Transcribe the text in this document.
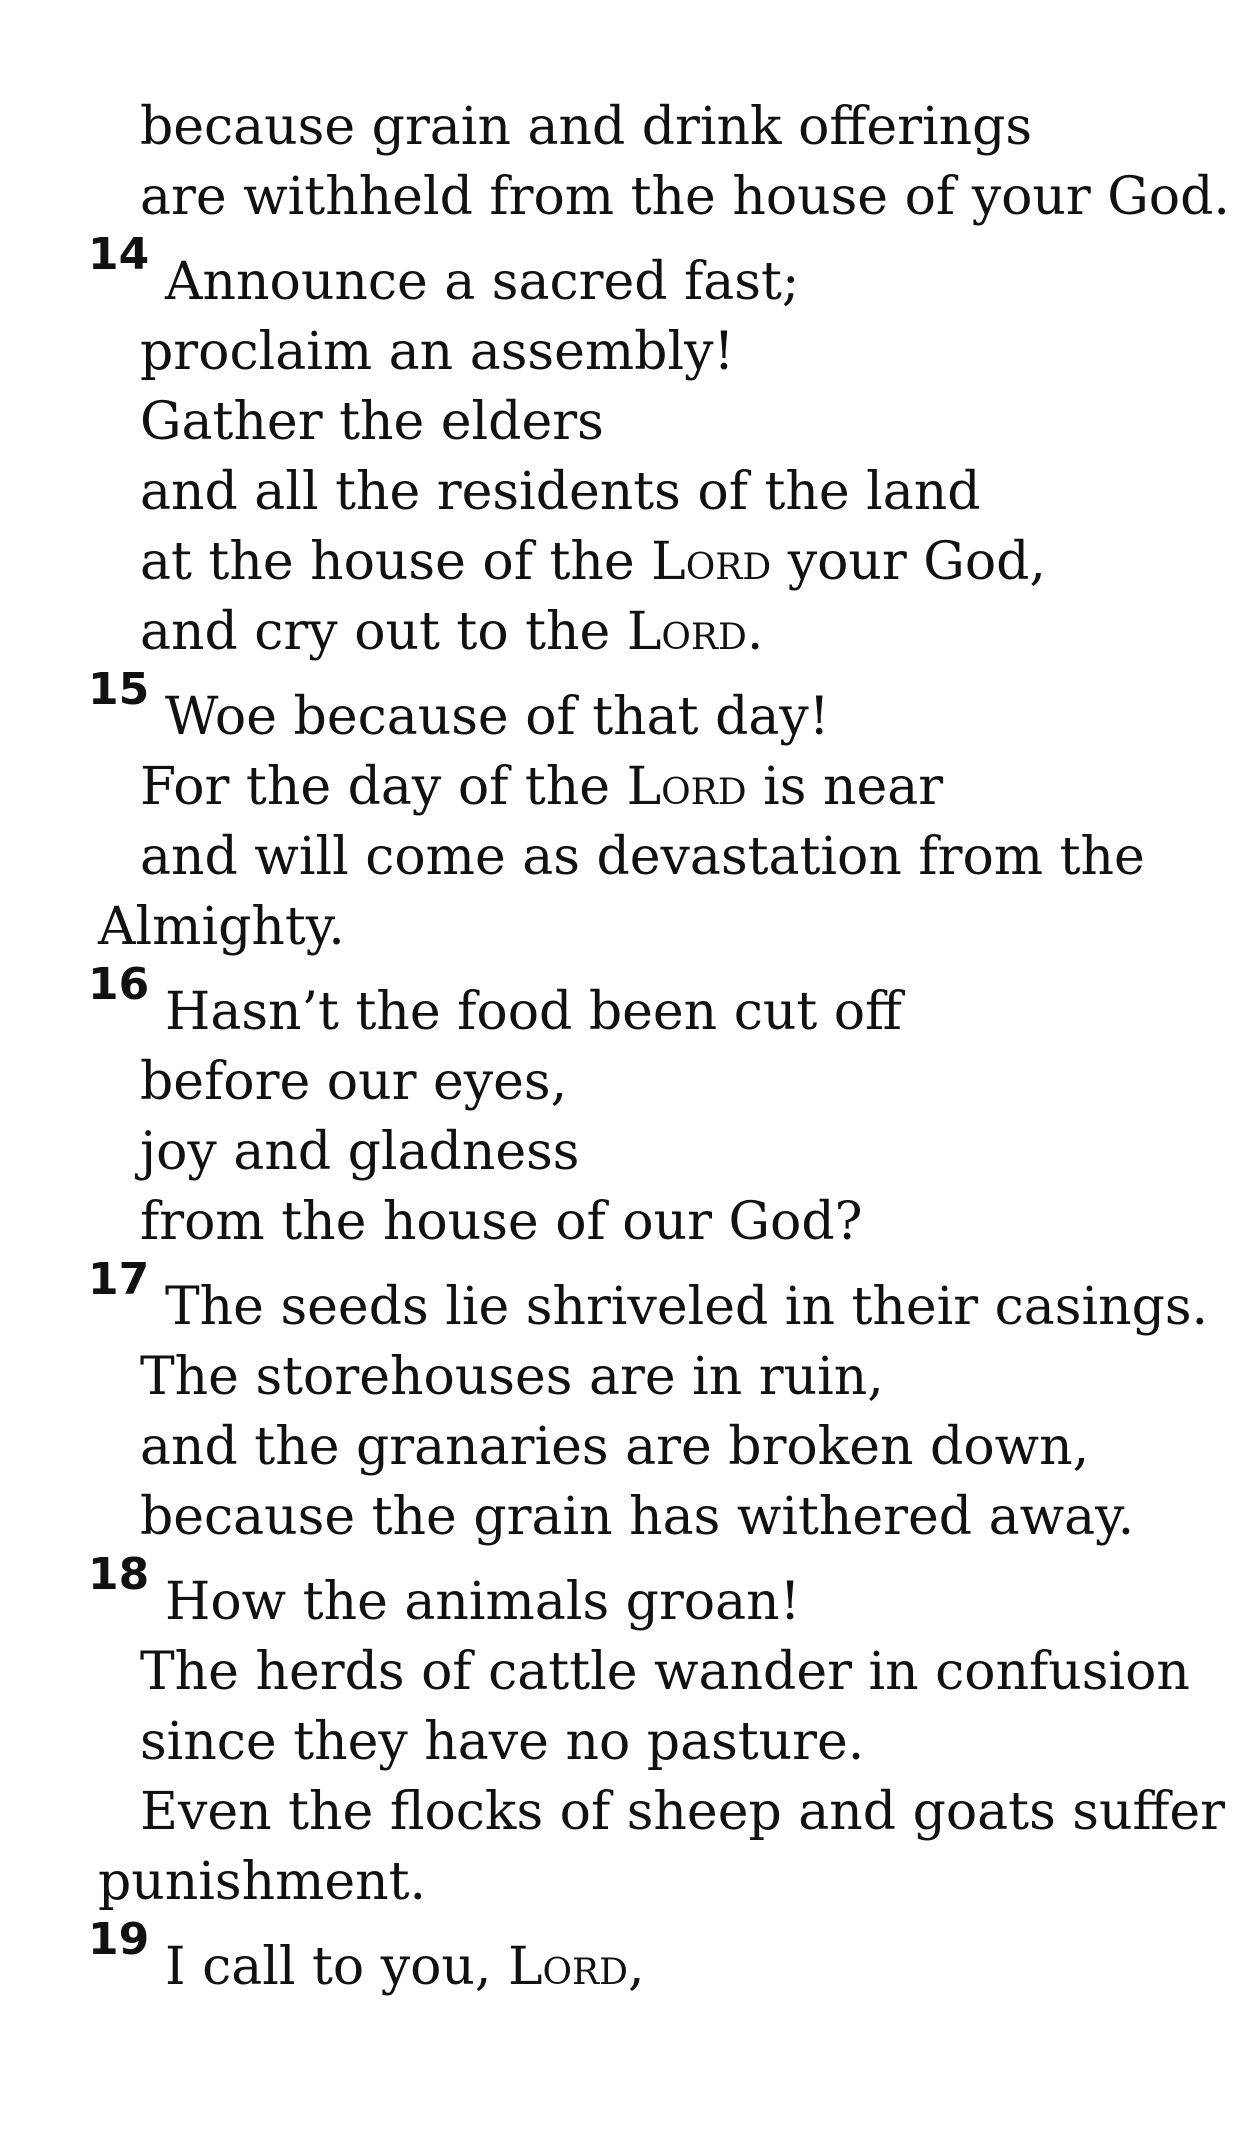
because grain and drink offerings
are withheld from the house of your God.
14 Announce a sacred fast;
proclaim an assembly!
Gather the elders
and all the residents of the land
at the house of the Lord your God,
and cry out to the Lord.
15 Woe because of that day!
For the day of the Lord is near
and will come as devastation from the
Almighty.
16 Hasn’t the food been cut off
before our eyes,
joy and gladness
from the house of our God?
17 The seeds lie shriveled in their casings.
The storehouses are in ruin,
and the granaries are broken down,
because the grain has withered away.
18 How the animals groan!
The herds of cattle wander in confusion
since they have no pasture.
Even the flocks of sheep and goats suffer
punishment.
19 I call to you, Lord,
